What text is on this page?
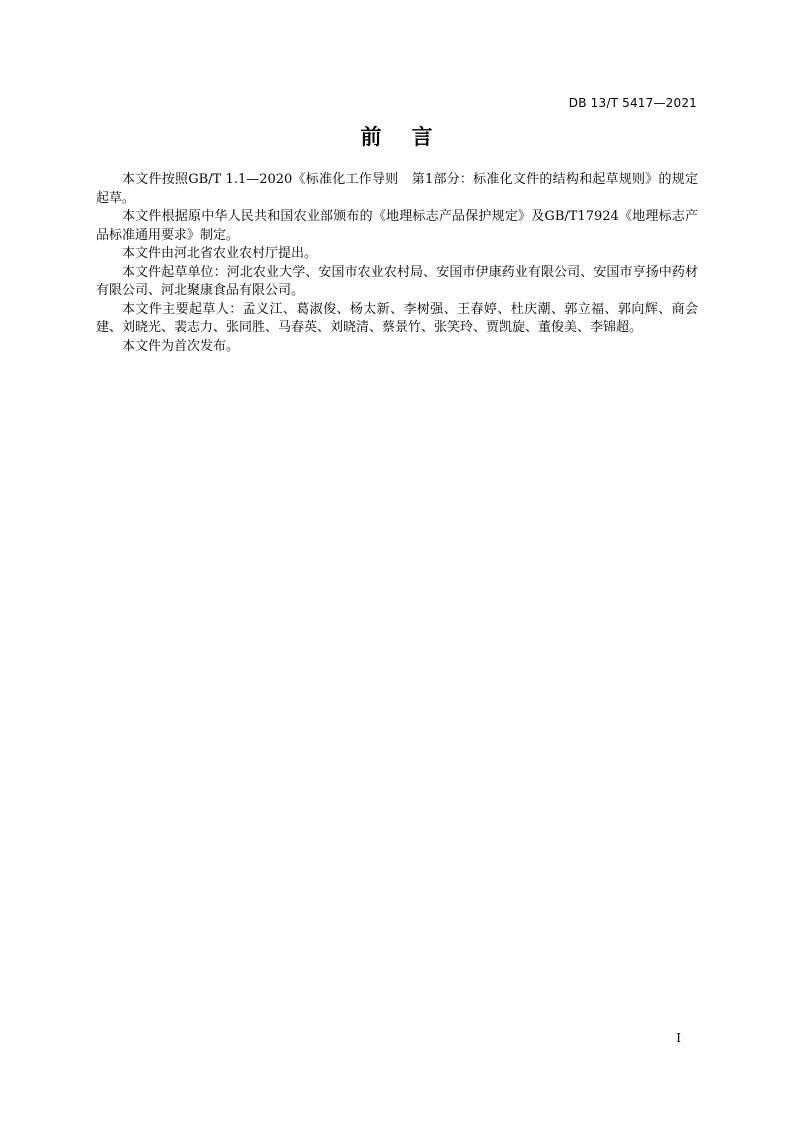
DB 13/T 5417—2021
前 言

本文件按照GB/T 1.1—2020《标准化工作导则　第1部分：标准化文件的结构和起草规则》的规定起草。

本文件根据原中华人民共和国农业部颁布的《地理标志产品保护规定》及GB/T17924《地理标志产品标准通用要求》制定。

本文件由河北省农业农村厅提出。

本文件起草单位：河北农业大学、安国市农业农村局、安国市伊康药业有限公司、安国市亨扬中药材有限公司、河北聚康食品有限公司。

本文件主要起草人：孟义江、葛淑俊、杨太新、李树强、王春婷、杜庆潮、郭立福、郭向辉、商会建、刘晓光、裴志力、张同胜、马春英、刘晓清、蔡景竹、张笑玲、贾凯旋、董俊美、李锦超。

本文件为首次发布。

I
